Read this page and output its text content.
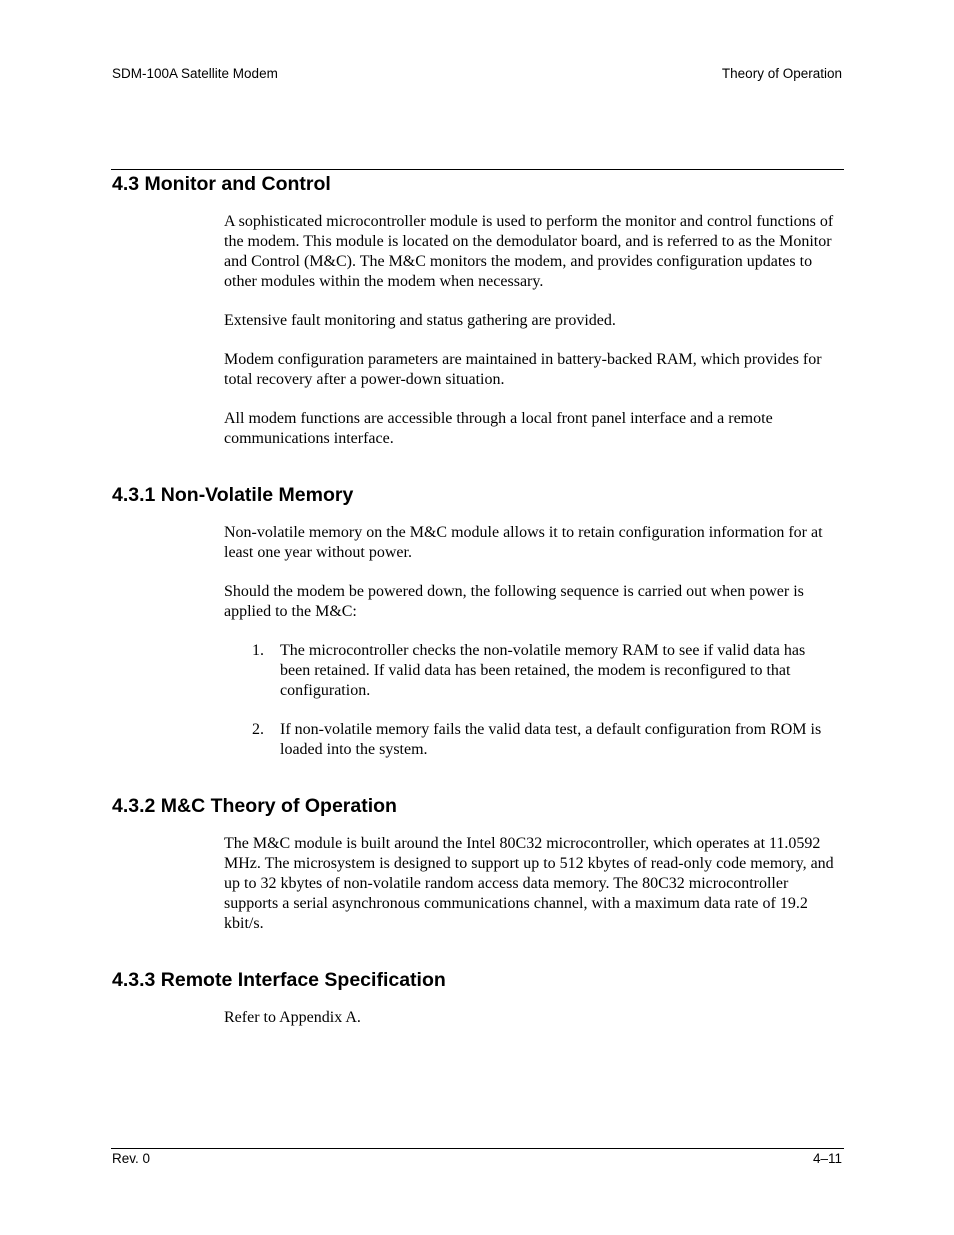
SDM-100A Satellite Modem	Theory of Operation
4.3 Monitor and Control

A sophisticated microcontroller module is used to perform the monitor and control functions of the modem. This module is located on the demodulator board, and is referred to as the Monitor and Control (M&C). The M&C monitors the modem, and provides configuration updates to other modules within the modem when necessary.

Extensive fault monitoring and status gathering are provided.

Modem configuration parameters are maintained in battery-backed RAM, which provides for total recovery after a power-down situation.

All modem functions are accessible through a local front panel interface and a remote communications interface.

4.3.1 Non-Volatile Memory

Non-volatile memory on the M&C module allows it to retain configuration information for at least one year without power.

Should the modem be powered down, the following sequence is carried out when power is applied to the M&C:

1. The microcontroller checks the non-volatile memory RAM to see if valid data has been retained. If valid data has been retained, the modem is reconfigured to that configuration.
2. If non-volatile memory fails the valid data test, a default configuration from ROM is loaded into the system.
4.3.2 M&C Theory of Operation

The M&C module is built around the Intel 80C32 microcontroller, which operates at 11.0592 MHz. The microsystem is designed to support up to 512 kbytes of read-only code memory, and up to 32 kbytes of non-volatile random access data memory. The 80C32 microcontroller supports a serial asynchronous communications channel, with a maximum data rate of 19.2 kbit/s.

4.3.3 Remote Interface Specification

Refer to Appendix A.

Rev. 0	4–11
